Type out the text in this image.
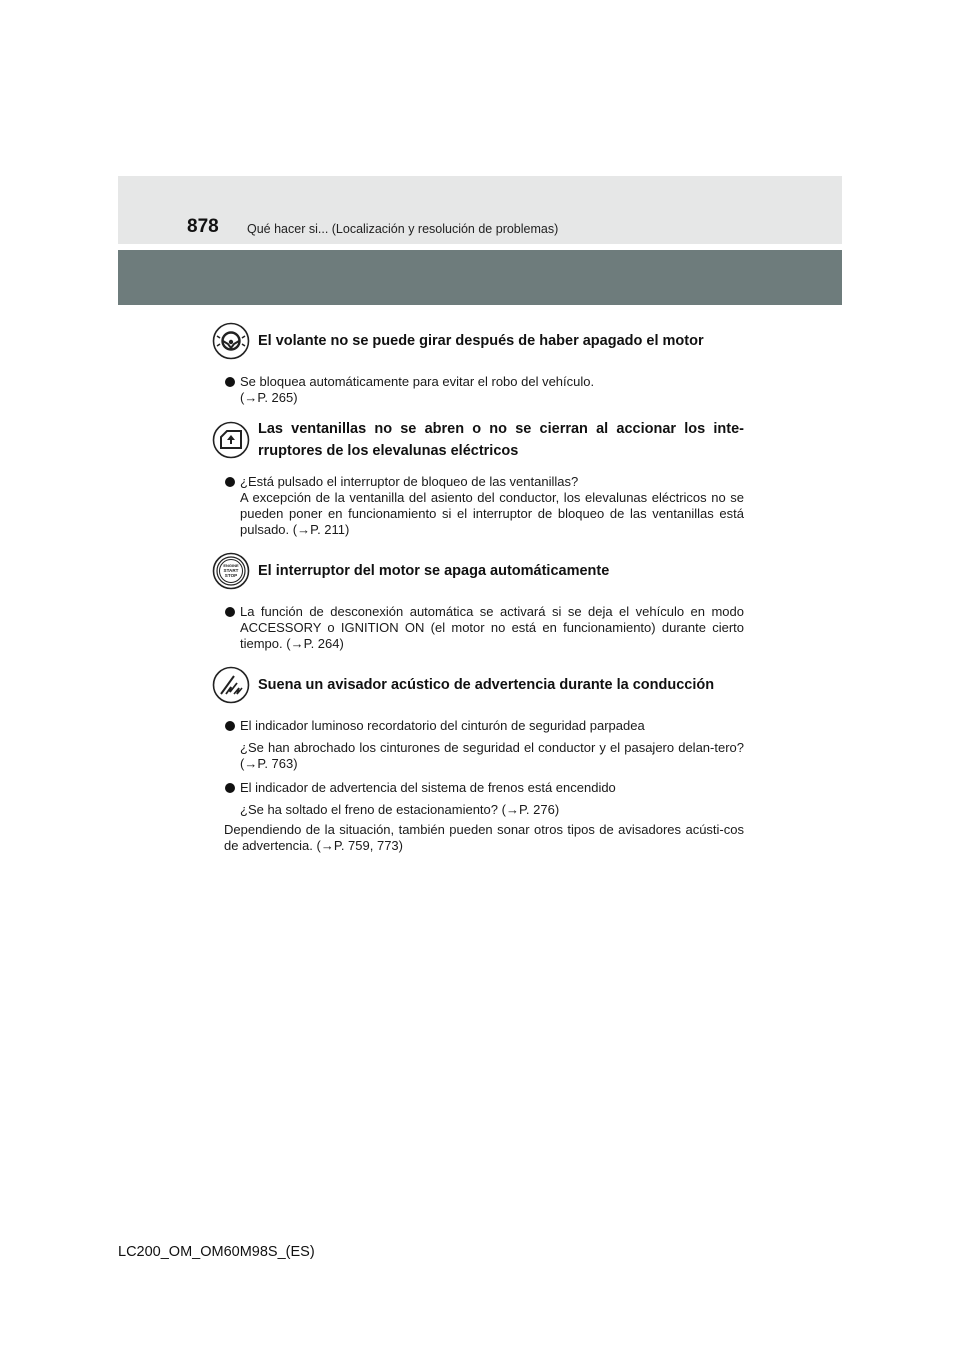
878 Qué hacer si... (Localización y resolución de problemas)
El volante no se puede girar después de haber apagado el motor
Se bloquea automáticamente para evitar el robo del vehículo.
(→P. 265)
Las ventanillas no se abren o no se cierran al accionar los inte-
rruptores de los elevalunas eléctricos
¿Está pulsado el interruptor de bloqueo de las ventanillas?
A excepción de la ventanilla del asiento del conductor, los elevalunas eléctricos no se pueden poner en funcionamiento si el interruptor de bloqueo de las ventanillas está pulsado. (→P. 211)
ENGINE
START
STOP El interruptor del motor se apaga automáticamente
La función de desconexión automática se activará si se deja el vehículo en modo ACCESSORY o IGNITION ON (el motor no está en funcionamiento) durante cierto tiempo. (→P. 264)
Suena un avisador acústico de advertencia durante la conducción
El indicador luminoso recordatorio del cinturón de seguridad parpadea
¿Se han abrochado los cinturones de seguridad el conductor y el pasajero delan-tero? (→P. 763)
El indicador de advertencia del sistema de frenos está encendido
¿Se ha soltado el freno de estacionamiento? (→P. 276)
Dependiendo de la situación, también pueden sonar otros tipos de avisadores acústi-cos de advertencia. (→P. 759, 773)
LC200_OM_OM60M98S_(ES)
